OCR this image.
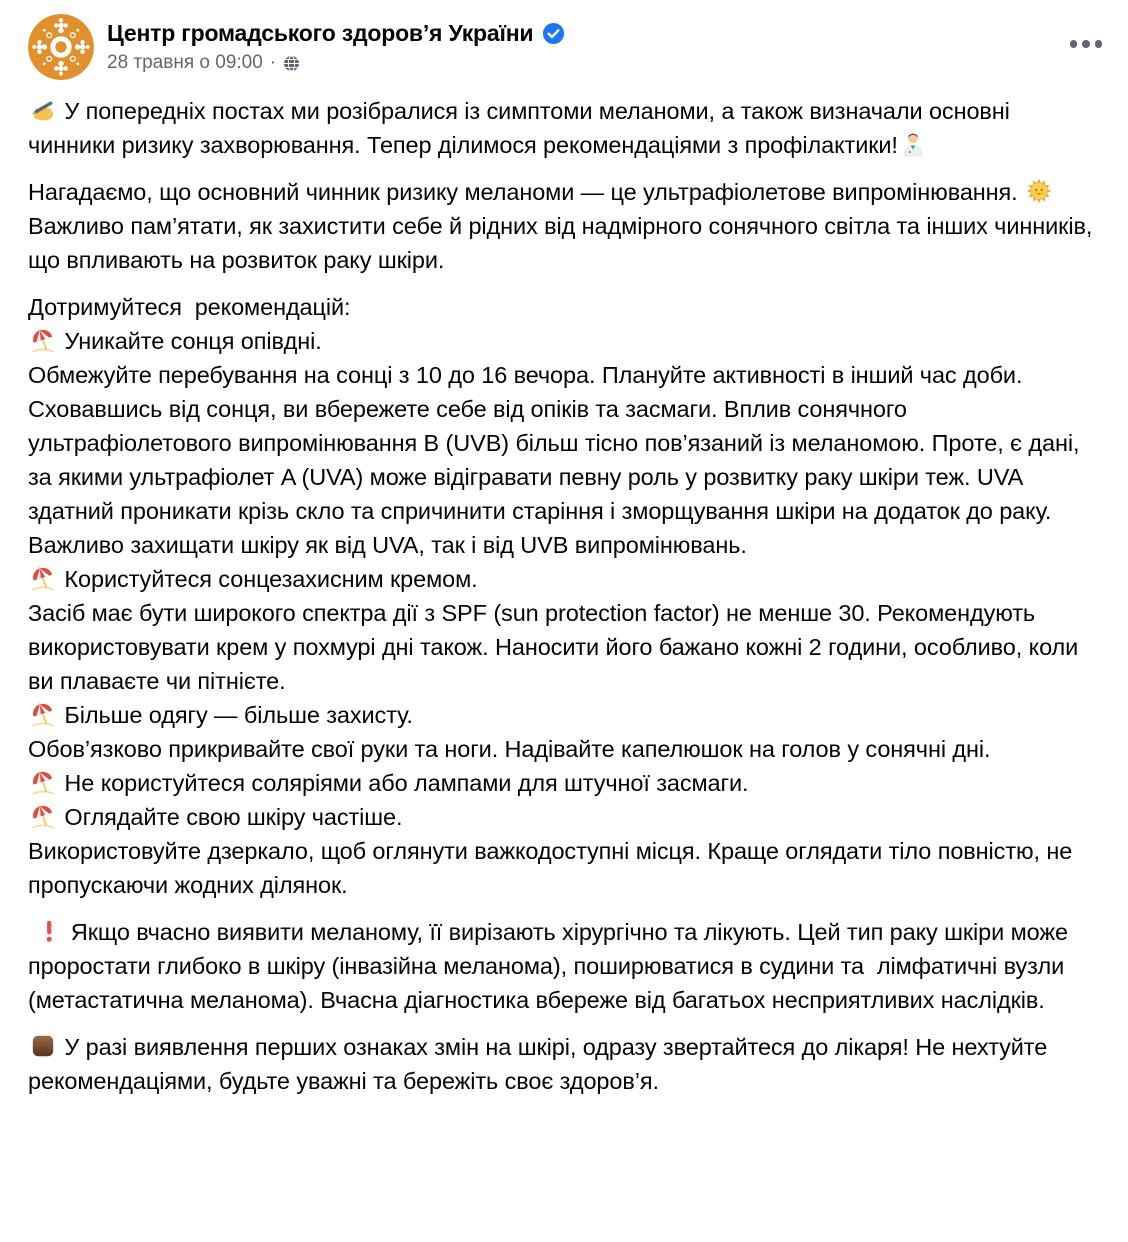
Центр громадського здоров’я України
28 травня о 09:00 ·

У попередніх постах ми розібралися із симптоми меланоми, а також визначали основні чинники ризику захворювання. Тепер ділимося рекомендаціями з профілактики!

Нагадаємо, що основний чинник ризику меланоми — це ультрафіолетове випромінювання.
Важливо пам’ятати, як захистити себе й рідних від надмірного сонячного світла та інших чинників, що впливають на розвиток раку шкіри.

Дотримуйтеся  рекомендацій:

Уникайте сонця опівдні.
Обмежуйте перебування на сонці з 10 до 16 вечора. Плануйте активності в інший час доби. Сховавшись від сонця, ви вбережете себе від опіків та засмаги. Вплив сонячного ультрафіолетового випромінювання B (UVB) більш тісно пов’язаний із меланомою. Проте, є дані, за якими ультрафіолет A (UVA) може відігравати певну роль у розвитку раку шкіри теж. UVA здатний проникати крізь скло та спричинити старіння і зморщування шкіри на додаток до раку. Важливо захищати шкіру як від UVA, так і від UVB випромінювань.

Користуйтеся сонцезахисним кремом.
Засіб має бути широкого спектра дії з SPF (sun protection factor) не менше 30. Рекомендують використовувати крем у похмурі дні також. Наносити його бажано кожні 2 години, особливо, коли ви плаваєте чи пітнієте.

Більше одягу — більше захисту.
Обов’язково прикривайте свої руки та ноги. Надівайте капелюшок на голов у сонячні дні.

Не користуйтеся соляріями або лампами для штучної засмаги.

Оглядайте свою шкіру частіше.
Використовуйте дзеркало, щоб оглянути важкодоступні місця. Краще оглядати тіло повністю, не пропускаючи жодних ділянок.

Якщо вчасно виявити меланому, її вирізають хірургічно та лікують. Цей тип раку шкіри може проростати глибоко в шкіру (інвазійна меланома), поширюватися в судини та  лімфатичні вузли (метастатична меланома). Вчасна діагностика вбереже від багатьох несприятливих наслідків.

У разі виявлення перших ознаках змін на шкірі, одразу звертайтеся до лікаря! Не нехтуйте рекомендаціями, будьте уважні та бережіть своє здоров’я.
